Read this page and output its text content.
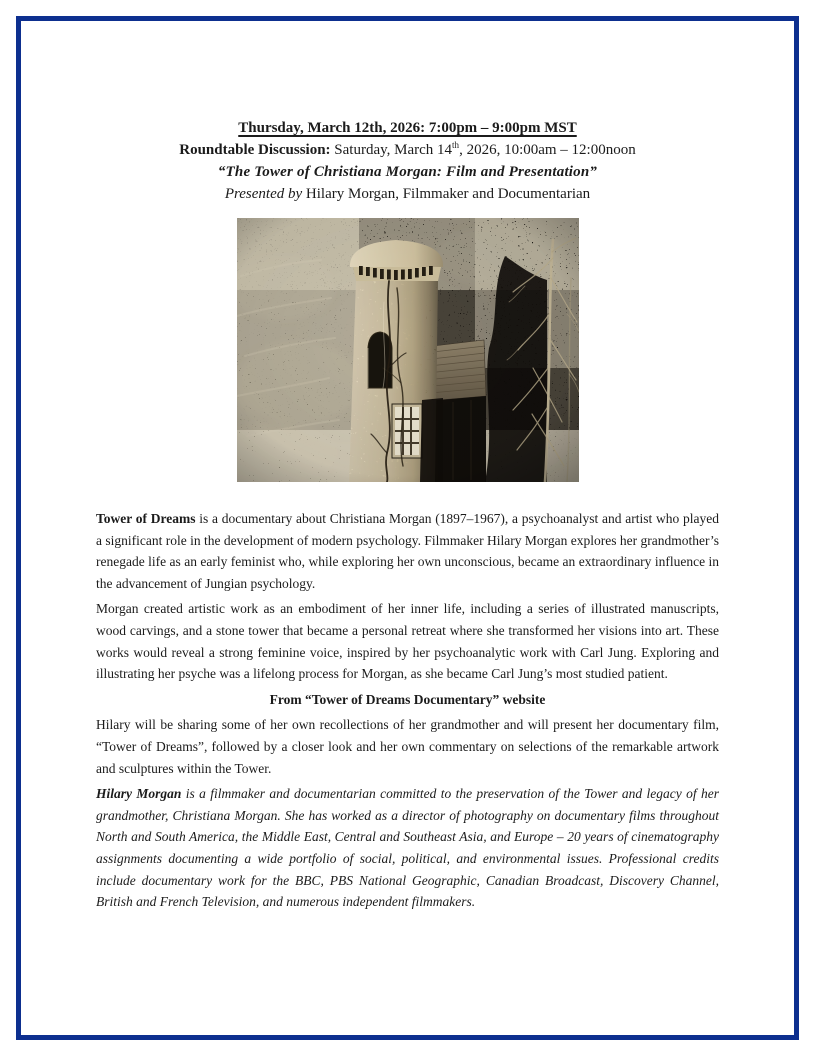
Thursday, March 12th, 2026: 7:00pm – 9:00pm MST
Roundtable Discussion: Saturday, March 14th, 2026, 10:00am – 12:00noon
“The Tower of Christiana Morgan: Film and Presentation”
Presented by Hilary Morgan, Filmmaker and Documentarian

Tower of Dreams is a documentary about Christiana Morgan (1897–1967), a psychoanalyst and artist who played a significant role in the development of modern psychology. Filmmaker Hilary Morgan explores her grandmother’s renegade life as an early feminist who, while exploring her own unconscious, became an extraordinary influence in the advancement of Jungian psychology.

Morgan created artistic work as an embodiment of her inner life, including a series of illustrated manuscripts, wood carvings, and a stone tower that became a personal retreat where she transformed her visions into art. These works would reveal a strong feminine voice, inspired by her psychoanalytic work with Carl Jung. Exploring and illustrating her psyche was a lifelong process for Morgan, as she became Carl Jung’s most studied patient.

From “Tower of Dreams Documentary” website

Hilary will be sharing some of her own recollections of her grandmother and will present her documentary film, “Tower of Dreams”, followed by a closer look and her own commentary on selections of the remarkable artwork and sculptures within the Tower.

Hilary Morgan is a filmmaker and documentarian committed to the preservation of the Tower and legacy of her grandmother, Christiana Morgan. She has worked as a director of photography on documentary films throughout North and South America, the Middle East, Central and Southeast Asia, and Europe – 20 years of cinematography assignments documenting a wide portfolio of social, political, and environmental issues. Professional credits include documentary work for the BBC, PBS National Geographic, Canadian Broadcast, Discovery Channel, British and French Television, and numerous independent filmmakers.
